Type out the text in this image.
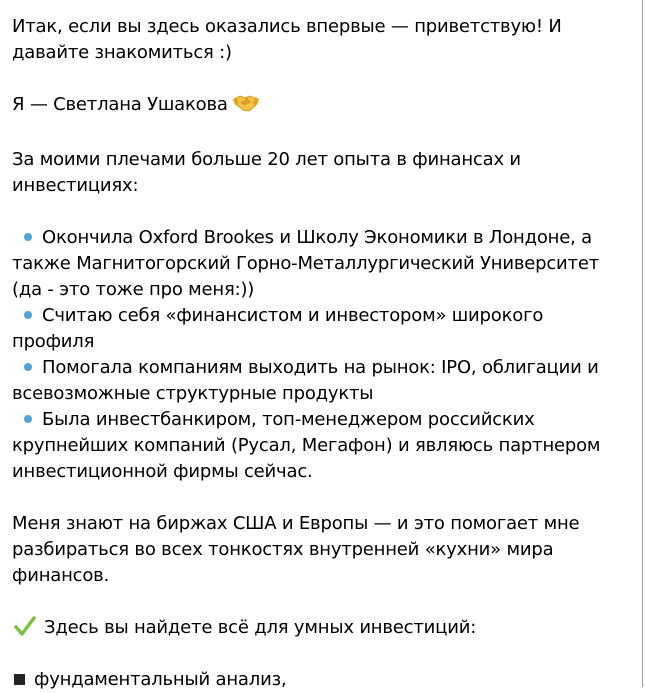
Итак, если вы здесь оказались впервые — приветствую! И

давайте знакомиться :)

Я — Светлана Ушакова

За моими плечами больше 20 лет опыта в финансах и

инвестициях:

Окончила Oxford Brookes и Школу Экономики в Лондоне, а

также Магнитогорский Горно-Металлургический Университет

(да - это тоже про меня:))

Считаю себя «финансистом и инвестором» широкого

профиля

Помогала компаниям выходить на рынок: IPO, облигации и

всевозможные структурные продукты

Была инвестбанкиром, топ-менеджером российских

крупнейших компаний (Русал, Мегафон) и являюсь партнером

инвестиционной фирмы сейчас.

Меня знают на биржах США и Европы — и это помогает мне

разбираться во всех тонкостях внутренней «кухни» мира

финансов.

Здесь вы найдете всё для умных инвестиций:

фундаментальный анализ,
